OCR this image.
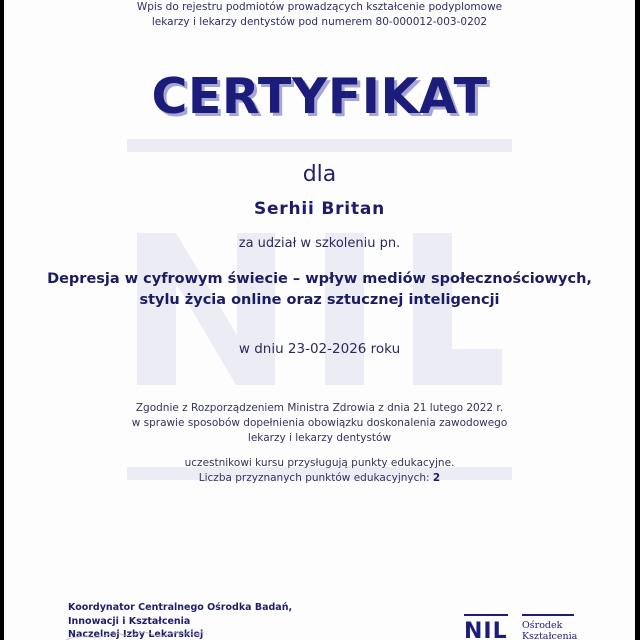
Wpis do rejestru podmiotów prowadzących kształcenie podyplomowe
lekarzy i lekarzy dentystów pod numerem 80-000012-003-0202
CERTYFIKAT
dla
Serhii Britan
za udział w szkoleniu pn.
Depresja w cyfrowym świecie – wpływ mediów społecznościowych,
stylu życia online oraz sztucznej inteligencji
w dniu 23-02-2026 roku
Zgodnie z Rozporządzeniem Ministra Zdrowia z dnia 21 lutego 2022 r.
w sprawie sposobów dopełnienia obowiązku doskonalenia zawodowego
lekarzy i lekarzy dentystów
uczestnikowi kursu przysługują punkty edukacyjne.
Liczba przyznanych punktów edukacyjnych: 2
Koordynator Centralnego Ośrodka Badań,
Innowacji i Kształcenia
Naczelnej Izby Lekarskiej	NIL Ośrodek
Kształcenia
